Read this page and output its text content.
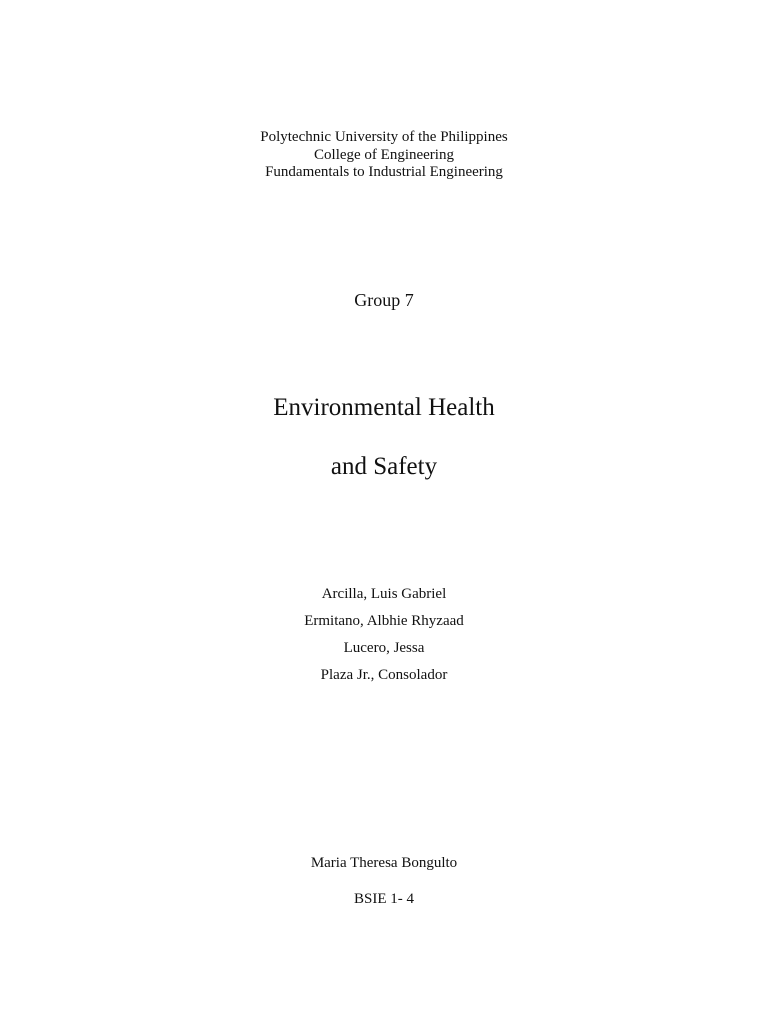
Polytechnic University of the Philippines
College of Engineering
Fundamentals to Industrial Engineering
Group 7
Environmental Health
and Safety
Arcilla, Luis Gabriel
Ermitano, Albhie Rhyzaad
Lucero, Jessa
Plaza Jr., Consolador
Maria Theresa Bongulto
BSIE 1- 4
